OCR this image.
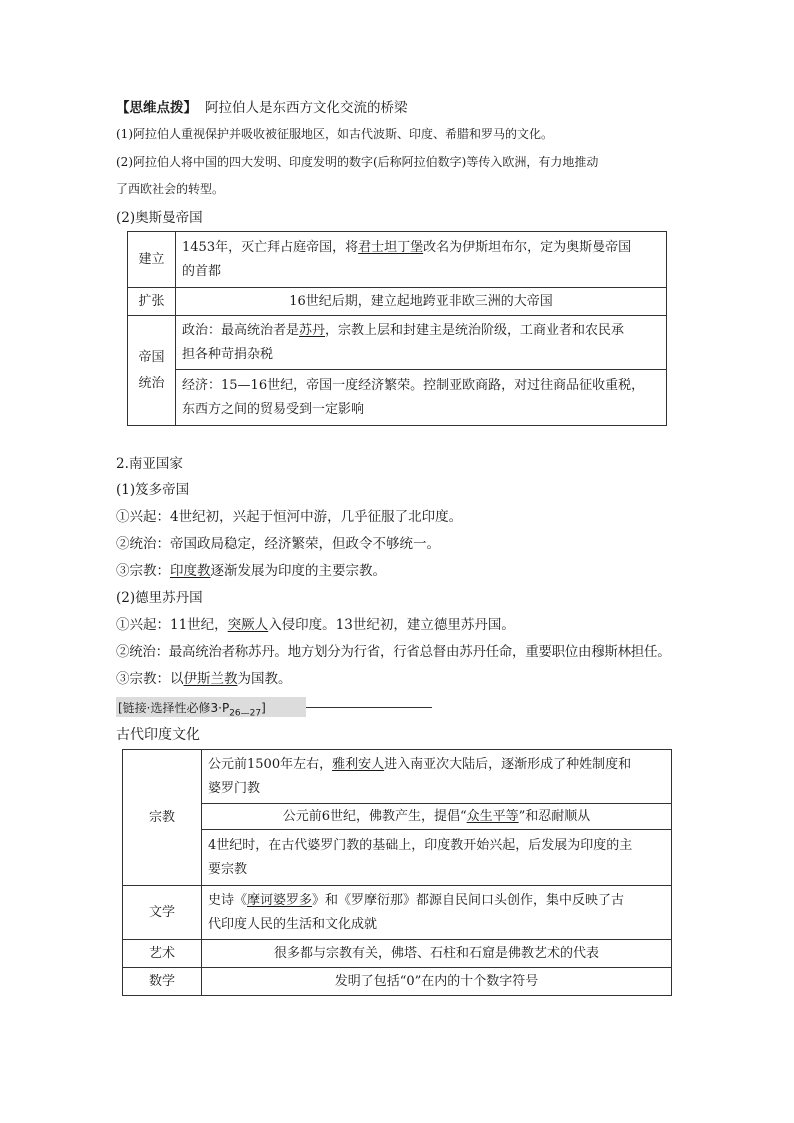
【思维点拨】 阿拉伯人是东西方文化交流的桥梁
(1)阿拉伯人重视保护并吸收被征服地区，如古代波斯、印度、希腊和罗马的文化。
(2)阿拉伯人将中国的四大发明、印度发明的数字(后称阿拉伯数字)等传入欧洲，有力地推动
了西欧社会的转型。
(2)奥斯曼帝国
建立	1453年，灭亡拜占庭帝国，将君士坦丁堡改名为伊斯坦布尔，定为奥斯曼帝国
的首都
扩张	16世纪后期，建立起地跨亚非欧三洲的大帝国
帝国
统治	政治：最高统治者是苏丹，宗教上层和封建主是统治阶级，工商业者和农民承
担各种苛捐杂税
	经济：15—16世纪，帝国一度经济繁荣。控制亚欧商路，对过往商品征收重税，
东西方之间的贸易受到一定影响
2.南亚国家
(1)笈多帝国
①兴起：4世纪初，兴起于恒河中游，几乎征服了北印度。
②统治：帝国政局稳定，经济繁荣，但政令不够统一。
③宗教：印度教逐渐发展为印度的主要宗教。
(2)德里苏丹国
①兴起：11世纪，突厥人入侵印度。13世纪初，建立德里苏丹国。
②统治：最高统治者称苏丹。地方划分为行省，行省总督由苏丹任命，重要职位由穆斯林担任。
③宗教：以伊斯兰教为国教。
[链接·选择性必修$3\cdot P_{26—27}$]
古代印度文化
宗教	公元前1500年左右，雅利安人进入南亚次大陆后，逐渐形成了种姓制度和
婆罗门教
	公元前6世纪，佛教产生，提倡“众生平等”和忍耐顺从
	4世纪时，在古代婆罗门教的基础上，印度教开始兴起，后发展为印度的主
要宗教
文学	史诗《摩诃婆罗多》和《罗摩衍那》都源自民间口头创作，集中反映了古
代印度人民的生活和文化成就
艺术	很多都与宗教有关，佛塔、石柱和石窟是佛教艺术的代表
数学	发明了包括“0”在内的十个数字符号
